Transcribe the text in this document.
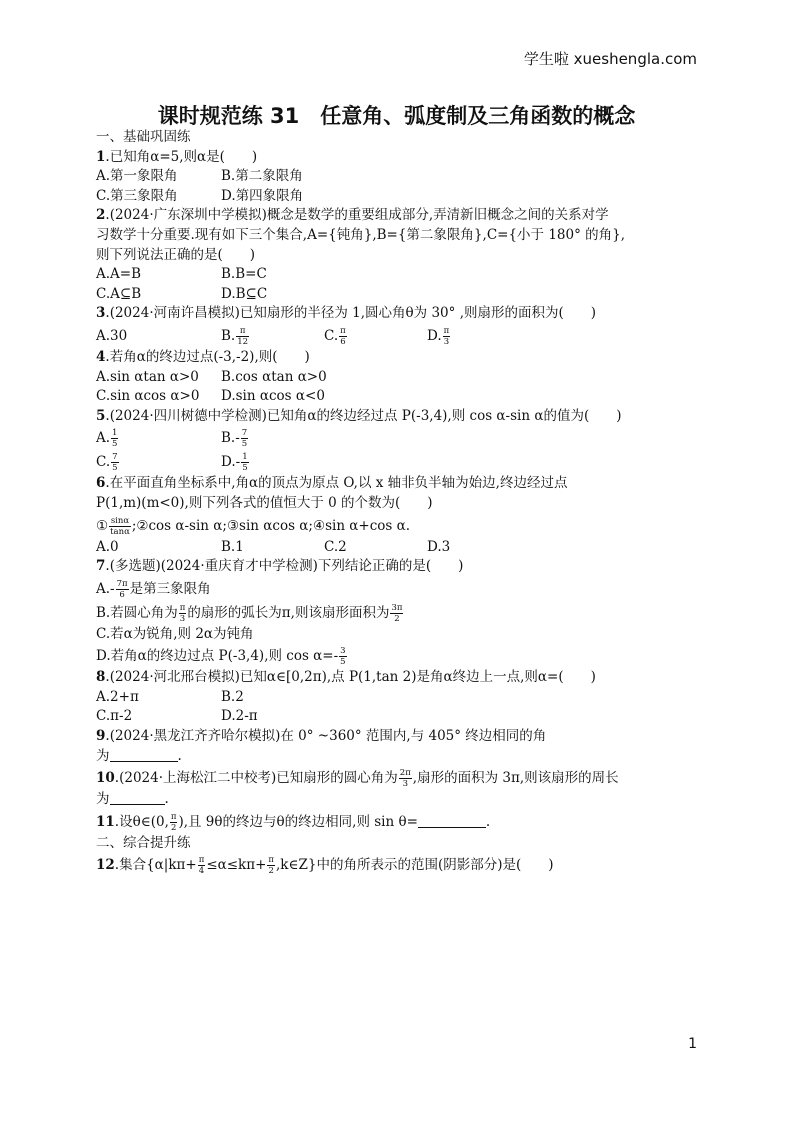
学生啦 xueshengla.com
课时规范练 31　任意角、弧度制及三角函数的概念
一、基础巩固练
1.已知角α=5,则α是(　　)
A.第一象限角	B.第二象限角
C.第三象限角	D.第四象限角
2.(2024·广东深圳中学模拟)概念是数学的重要组成部分,弄清新旧概念之间的关系对学
习数学十分重要.现有如下三个集合,A={钝角},B={第二象限角},C={小于 180° 的角},
则下列说法正确的是(　　)
A.A=B	B.B=C
C.A⊆B	D.B⊆C
3.(2024·河南许昌模拟)已知扇形的半径为 1,圆心角θ为 30° ,则扇形的面积为(　　)
A.30	B. $\frac{\pi}{12}$	C. $\frac{\pi}{6}$	D. $\frac{\pi}{3}$
4.若角α的终边过点(-3,-2),则(　　)
A.sin αtan α>0	B.cos αtan α>0
C.sin αcos α>0	D.sin αcos α<0
5.(2024·四川树德中学检测)已知角α的终边经过点 P(-3,4),则 cos α-sin α的值为(　　)
A. $\frac{1}{5}$	$B.- \frac{7}{5}$
C. $\frac{7}{5}$	$D.- \frac{1}{5}$
6.在平面直角坐标系中,角α的顶点为原点 O,以 x 轴非负半轴为始边,终边经过点
P(1,m)(m<0),则下列各式的值恒大于 0 的个数为(　　)
① $\frac{\sin\alpha}{\tan\alpha}$ ;②cos α-sin α;③sin αcos α;④sin α+cos α.
A.0	B.1	C.2	D.3
7.(多选题)(2024·重庆育才中学检测)下列结论正确的是(　　)
$A.- \frac{7\pi}{6}$ 是第三象限角
B.若圆心角为 $\frac{\pi}{3}$ 的扇形的弧长为π,则该扇形面积为 $\frac{3\pi}{2}$
C.若α为锐角,则 2α为钝角
D.若角α的终边过点 P(-3,4),则 $\cos \alpha=- \frac{3}{5}$
8.(2024·河北邢台模拟)已知α∈[0,2π),点 P(1,tan 2)是角α终边上一点,则α=(　　)
A.2+π	B.2
C.π-2	D.2-π
9.(2024·黑龙江齐齐哈尔模拟)在 0° ~360° 范围内,与 405° 终边相同的角
为	.
10.(2024·上海松江二中校考)已知扇形的圆心角为 $\frac{2\pi}{3}$ ,扇形的面积为 3π,则该扇形的周长
为	.
11.设θ∈(0, $\frac{\pi}{2}$ ),且 9θ的终边与θ的终边相同,则 sin θ=	.
二、综合提升练
12.集合{$\alpha|k\pi+ \frac{\pi}{4} \le\alpha\le k\pi+ \frac{\pi}{2}$ ,k∈Z}中的角所表示的范围(阴影部分)是(　　)
1
